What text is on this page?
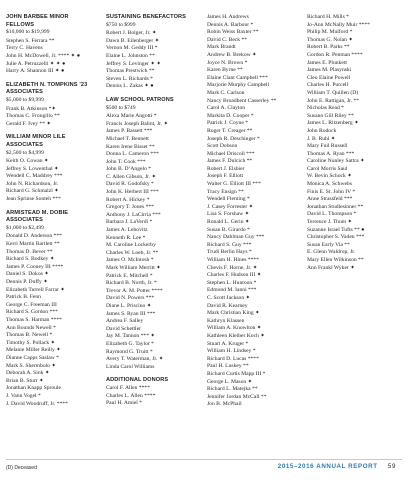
JOHN BARBEE MINOR
FELLOWS
$10,000 to $19,999
Stephen S. Ferrara **
Terry C. Havens
John H. McDowell, Jr. **** ✦ ●
Julie A. Petruzzelli ✦ ✦ ●
Harry A. Shannon III ✦ ●
ELIZABETH N. TOMPKINS ’23
ASSOCIATES
$5,000 to $9,999
Frank B. Atkinson *✦
Thomas C. Frongillo **
Gerald F. Ivey ** ✦
WILLIAM MINOR LILE
ASSOCIATES
$2,500 to $4,999
Keith O. Cowan ✦
Jeffrey S. Lowenthal ✦
Wendell C. Maddrey ***
John N. Richardson, Jr.
Richard G. Schmalzl ✦
Jean Sprinse Sonteh ***
ARMISTEAD M. DOBIE
ASSOCIATES
$1,000 to $2,499
Donald D. Anderson ***
Kerri Martin Bartlett **
Thomas D. Bever **
Richard S. Bodkey ✦
James P. Cooney III ****
Daniel S. Dokos ✦
Dennis P. Duffy ✦
Elizabeth Turrell Farrar ✦
Patrick B. Fenn
George C. Freeman III
Richard S. Gordon ***
Thomas S. Harman ****
Ann Bounds Newell *
Thomas B. Newell *
Timothy S. Pollack ✦
Melanie Miller Reilly ✦
Dianne Capps Saslaw *
Mark S. Shermbolo ✦
Deborah A. Sink ✦
Brian B. Sturr ✦
Jonathan Knapp Sproule
J. Vann Vogel *
J. David Woodruff, Jr. ****
SUSTAINING BENEFACTORS
$750 to $999
Robert J. Bolger, Jr. ✦
Dawn B. Eilenberger ✦
Vernon M. Geddy III *
Elaine L. Johnston **
Jeffrey S. Levinger ✦ ✦
Thomas Prestwich **
Steven L. Richards *
Dennis L. Zakas ✦ ●
LAW SCHOOL PATRONS
$500 to $749
Alexa Marie Angotti *
Francis Joseph Balint, Jr. ✦
James P. Bassett ***
Michael T. Bennett
Karen Irene Bisset **
Donna L. Cameron ***
John T. Cook ***
John B. D’Angelo *
C. Allen Gibson, Jr. ✦
David R. Godofsky *
John K. Herbert III ***
Robert A. Hickey *
Gregory T. Jones ***
Anthony J. LaCirria ***
Barbara J. LaVerdi *
James A. Lebovitz
Kenneth R. Lee *
M. Caroline Lockerby
Charles W. Loeb, Jr. **
James O. McIntosh *
Mark William Merritt ✦
Patrick E. Mitchell *
Richard B. North, Jr. *
Trevor A. M. Potter ****
David N. Powers ***
Diane L. Priscino ✦
James S. Ryan III ***
Andrea F. Salley
David Schettler
Jay M. Tannon *** ✦
Elizabeth G. Taylor *
Raymond G. Truitt *
Avery T. Waterman, Jr. ✦
Linda Carol Williams
ADDITIONAL DONORS
Carol F. Allen ****
Charles L. Allen ****
Paul H. Amiel *
James H. Andrews
Dennis A. Barbour *
Robin Weiss Baxter **
David C. Beck **
Mark Brandt
Andrew B. Brekow ✦
Joyce N. Brown *
Karen Byrne **
Elaine Clant Campbell ***
Marjorie Murphy Campbell
Mark C. Carlson
Nancy Broadbent Casserley **
Carol A. Clayton
Markita D. Cooper *
Patrick J. Coyne *
Roger T. Creager **
Joseph R. Deschinger *
Scott Dobson
Michael Driscoll ***
James F. Dulcich **
Robert J. Elsbier
Joseph F. Elliott
Walter G. Elliott III ***
Tracy Ensign **
Wendell Fleming *
J. Casey Forrester ✦
Lisa S. Forshaw ✦
Ronald L. Gerin ✦
Susan B. Girardo *
Nancy Dahlman Guy ***
Richard S. Guy ***
Trudi Berlin Hays *
William H. Hines ****
Chevis F. Horne, Jr. ✦
Charles F. Hudson III ✦
Stephen L. Huntoon *
Edmond M. Ianni ***
C. Scott Jackson ✦
David R. Kearney
Mark Christian King ✦
Kathryn Klassen
William A. Knowlton ✦
Kathleen Kleiber Koch ✦
Stuart A. Kruger *
William H. Lindsey *
Richard D. Lucas ****
Paul H. Luskey **
Richard Curtis Mapp III *
George L. Mason ✦
Richard L. Matejka **
Jennifer Jordan McCall **
Jon B. McPhail
Richard H. Mills *
Jo-Ann McNally Muir ****
Philip M. Mulford *
Thomas G. Nolan ✦
Robert B. Parks **
Gordon R. Penman ****
James E. Plunkett
James M. Plasynski
Cleo Elaine Powell
Charles H. Purcell
William T. Quillen (D)
John E. Rattigan, Jr. **
Nicholas Read *
Susann Gill Riley **
James L. Ritzenberg ✦
John Rodock
J. B. Ruhl ✦
Mary Fuil Russell
Thomas A. Ryan ***
Caroline Nunley Sattra ✦
Carol Morris Saul
W. Bevin Schock ✦
Monica A. Schwebs
Finis E. St. John IV *
Anne Strassfeld ***
Jonathan Studlesinner **
David L. Thompson *
Terrence J. Thum ✦
Suzanne Israel Tufts ** ●
Christopher S. Vaden ***
Susan Early Via **
E. Glenn Waldrop, Jr.
Mary Ellen Wilkinson **
Ann Frankl Wyker ✦
(D) Deceased	2015–2016 ANNUAL REPORT 59
